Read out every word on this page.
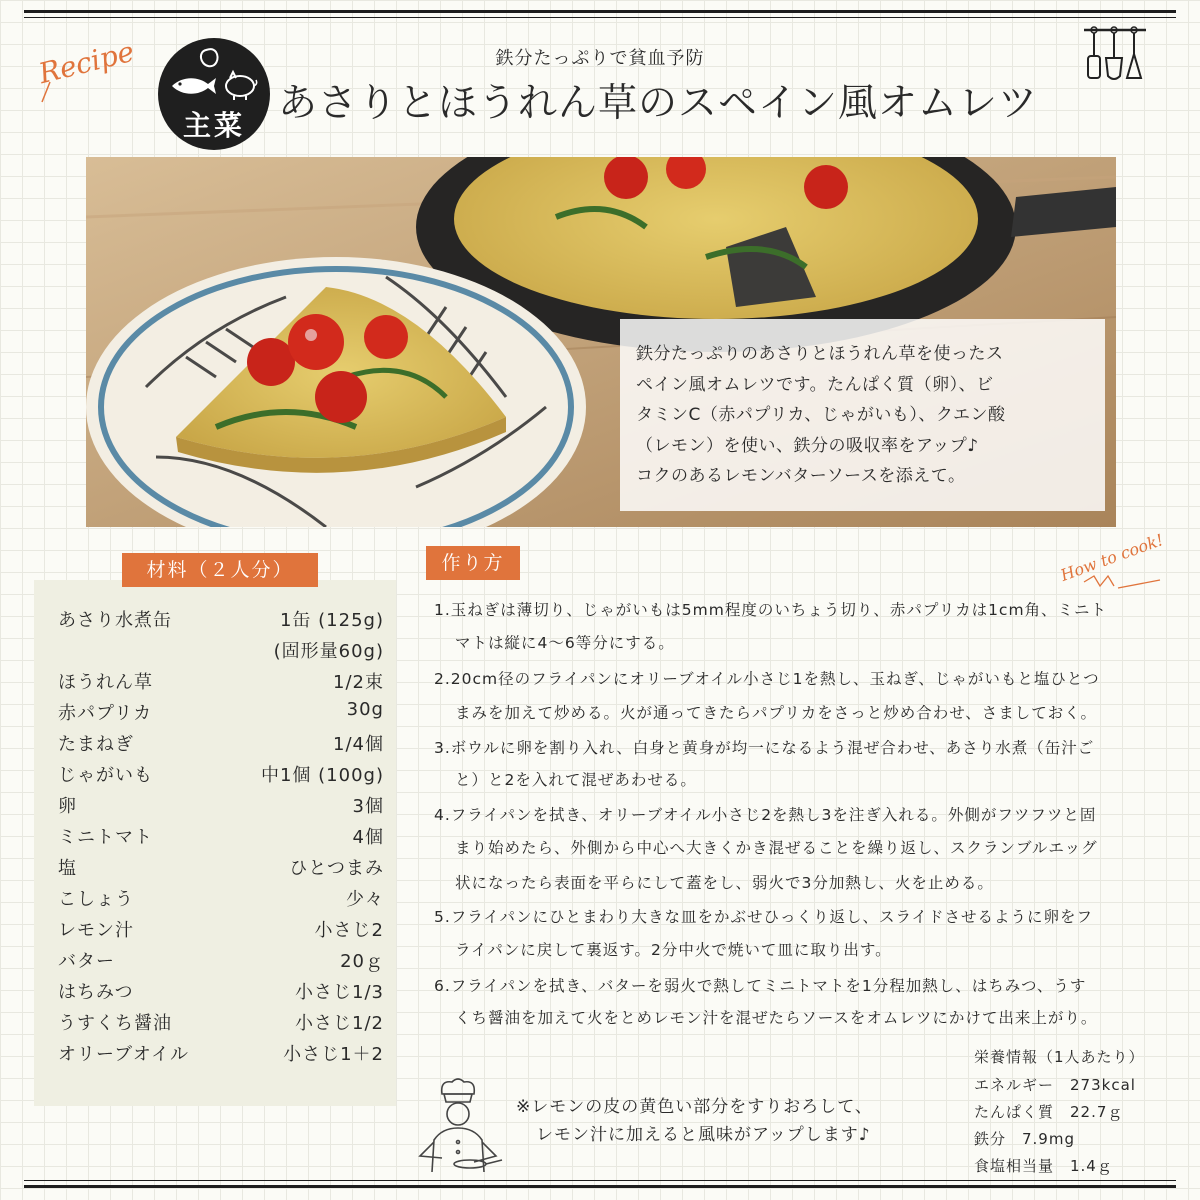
Recipe
主菜
鉄分たっぷりで貧血予防
あさりとほうれん草のスペイン風オムレツ
鉄分たっぷりのあさりとほうれん草を使ったス
ペイン風オムレツです。たんぱく質（卵）、ビ
タミンC（赤パプリカ、じゃがいも）、クエン酸
（レモン）を使い、鉄分の吸収率をアップ♪
コクのあるレモンバターソースを添えて。
材料（２人分）
あさり水煮缶	1缶 (125g)
(固形量60g)
ほうれん草	1/2束
赤パプリカ	30g
たまねぎ	1/4個
じゃがいも	中1個 (100g)
卵	3個
ミニトマト	4個
塩	ひとつまみ
こしょう	少々
レモン汁	小さじ2
バター	20ｇ
はちみつ	小さじ1/3
うすくち醤油	小さじ1/2
オリーブオイル	小さじ1＋2
作り方	How to cook!
1.玉ねぎは薄切り、じゃがいもは5mm程度のいちょう切り、赤パプリカは1cm角、ミニト
マトは縦に4～6等分にする。
2.20cm径のフライパンにオリーブオイル小さじ1を熱し、玉ねぎ、じゃがいもと塩ひとつ
まみを加えて炒める。火が通ってきたらパプリカをさっと炒め合わせ、さましておく。
3.ボウルに卵を割り入れ、白身と黄身が均一になるよう混ぜ合わせ、あさり水煮（缶汁ご
と）と2を入れて混ぜあわせる。
4.フライパンを拭き、オリーブオイル小さじ2を熱し3を注ぎ入れる。外側がフツフツと固
まり始めたら、外側から中心へ大きくかき混ぜることを繰り返し、スクランブルエッグ
状になったら表面を平らにして蓋をし、弱火で3分加熱し、火を止める。
5.フライパンにひとまわり大きな皿をかぶせひっくり返し、スライドさせるように卵をフ
ライパンに戻して裏返す。2分中火で焼いて皿に取り出す。
6.フライパンを拭き、バターを弱火で熱してミニトマトを1分程加熱し、はちみつ、うす
くち醤油を加えて火をとめレモン汁を混ぜたらソースをオムレツにかけて出来上がり。
栄養情報（1人あたり）
エネルギー　273kcal
たんぱく質　22.7ｇ
鉄分　7.9mg
食塩相当量　1.4ｇ
※レモンの皮の黄色い部分をすりおろして、
レモン汁に加えると風味がアップします♪
